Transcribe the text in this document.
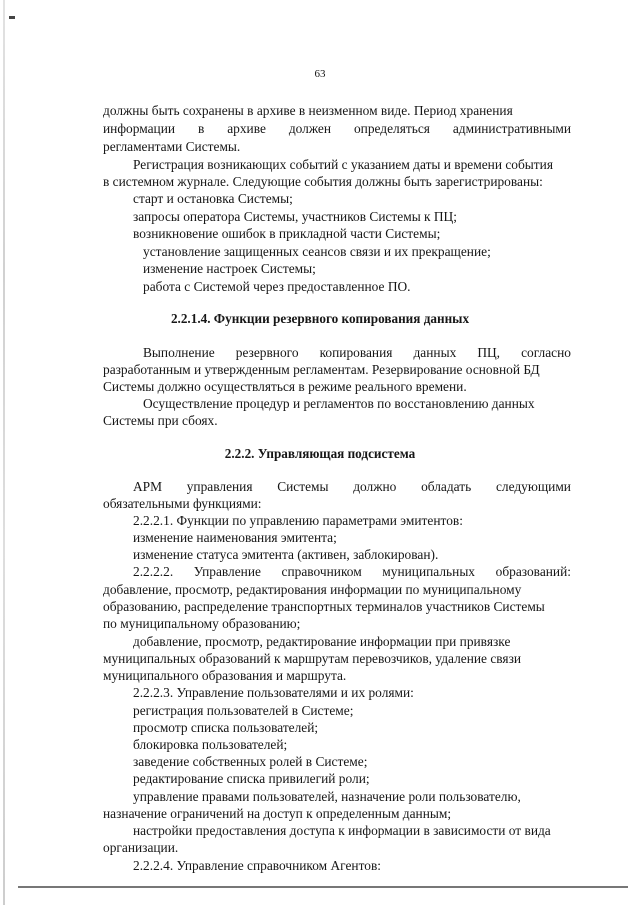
63
должны быть сохранены в архиве в неизменном виде. Период хранения
информации в архиве должен определяться административными
регламентами Системы.
Регистрация возникающих событий с указанием даты и времени события
в системном журнале. Следующие события должны быть зарегистрированы:
старт и остановка Системы;
запросы оператора Системы, участников Системы к ПЦ;
возникновение ошибок в прикладной части Системы;
установление защищенных сеансов связи и их прекращение;
изменение настроек Системы;
работа с Системой через предоставленное ПО.
2.2.1.4. Функции резервного копирования данных
Выполнение резервного копирования данных ПЦ, согласно
разработанным и утвержденным регламентам. Резервирование основной БД
Системы должно осуществляться в режиме реального времени.
Осуществление процедур и регламентов по восстановлению данных
Системы при сбоях.
2.2.2. Управляющая подсистема
АРМ управления Системы должно обладать следующими
обязательными функциями:
2.2.2.1. Функции по управлению параметрами эмитентов:
изменение наименования эмитента;
изменение статуса эмитента (активен, заблокирован).
2.2.2.2. Управление справочником муниципальных образований:
добавление, просмотр, редактирования информации по муниципальному
образованию, распределение транспортных терминалов участников Системы
по муниципальному образованию;
добавление, просмотр, редактирование информации при привязке
муниципальных образований к маршрутам перевозчиков, удаление связи
муниципального образования и маршрута.
2.2.2.3. Управление пользователями и их ролями:
регистрация пользователей в Системе;
просмотр списка пользователей;
блокировка пользователей;
заведение собственных ролей в Системе;
редактирование списка привилегий роли;
управление правами пользователей, назначение роли пользователю,
назначение ограничений на доступ к определенным данным;
настройки предоставления доступа к информации в зависимости от вида
организации.
2.2.2.4. Управление справочником Агентов:
